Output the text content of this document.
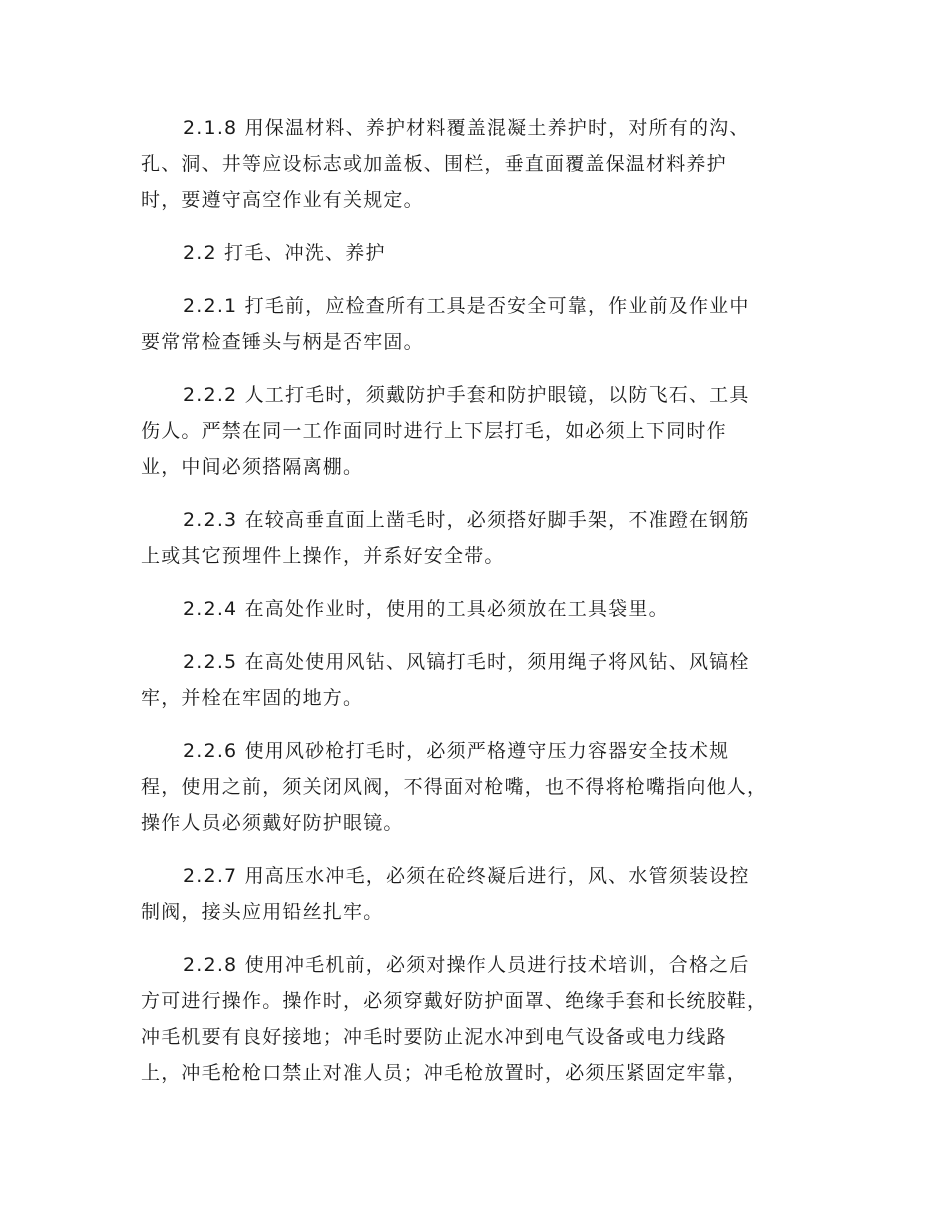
2.1.8 用保温材料、养护材料覆盖混凝土养护时，对所有的沟、
孔、洞、井等应设标志或加盖板、围栏，垂直面覆盖保温材料养护
时，要遵守高空作业有关规定。

2.2 打毛、冲洗、养护

2.2.1 打毛前，应检查所有工具是否安全可靠，作业前及作业中
要常常检查锤头与柄是否牢固。

2.2.2 人工打毛时，须戴防护手套和防护眼镜，以防飞石、工具
伤人。严禁在同一工作面同时进行上下层打毛，如必须上下同时作
业，中间必须搭隔离棚。

2.2.3 在较高垂直面上凿毛时，必须搭好脚手架，不准蹬在钢筋
上或其它预埋件上操作，并系好安全带。

2.2.4 在高处作业时，使用的工具必须放在工具袋里。

2.2.5 在高处使用风钻、风镐打毛时，须用绳子将风钻、风镐栓
牢，并栓在牢固的地方。

2.2.6 使用风砂枪打毛时，必须严格遵守压力容器安全技术规
程，使用之前，须关闭风阀，不得面对枪嘴，也不得将枪嘴指向他人，
操作人员必须戴好防护眼镜。

2.2.7 用高压水冲毛，必须在砼终凝后进行，风、水管须装设控
制阀，接头应用铅丝扎牢。

2.2.8 使用冲毛机前，必须对操作人员进行技术培训，合格之后
方可进行操作。操作时，必须穿戴好防护面罩、绝缘手套和长统胶鞋，
冲毛机要有良好接地；冲毛时要防止泥水冲到电气设备或电力线路
上，冲毛枪枪口禁止对准人员；冲毛枪放置时，必须压紧固定牢靠，
